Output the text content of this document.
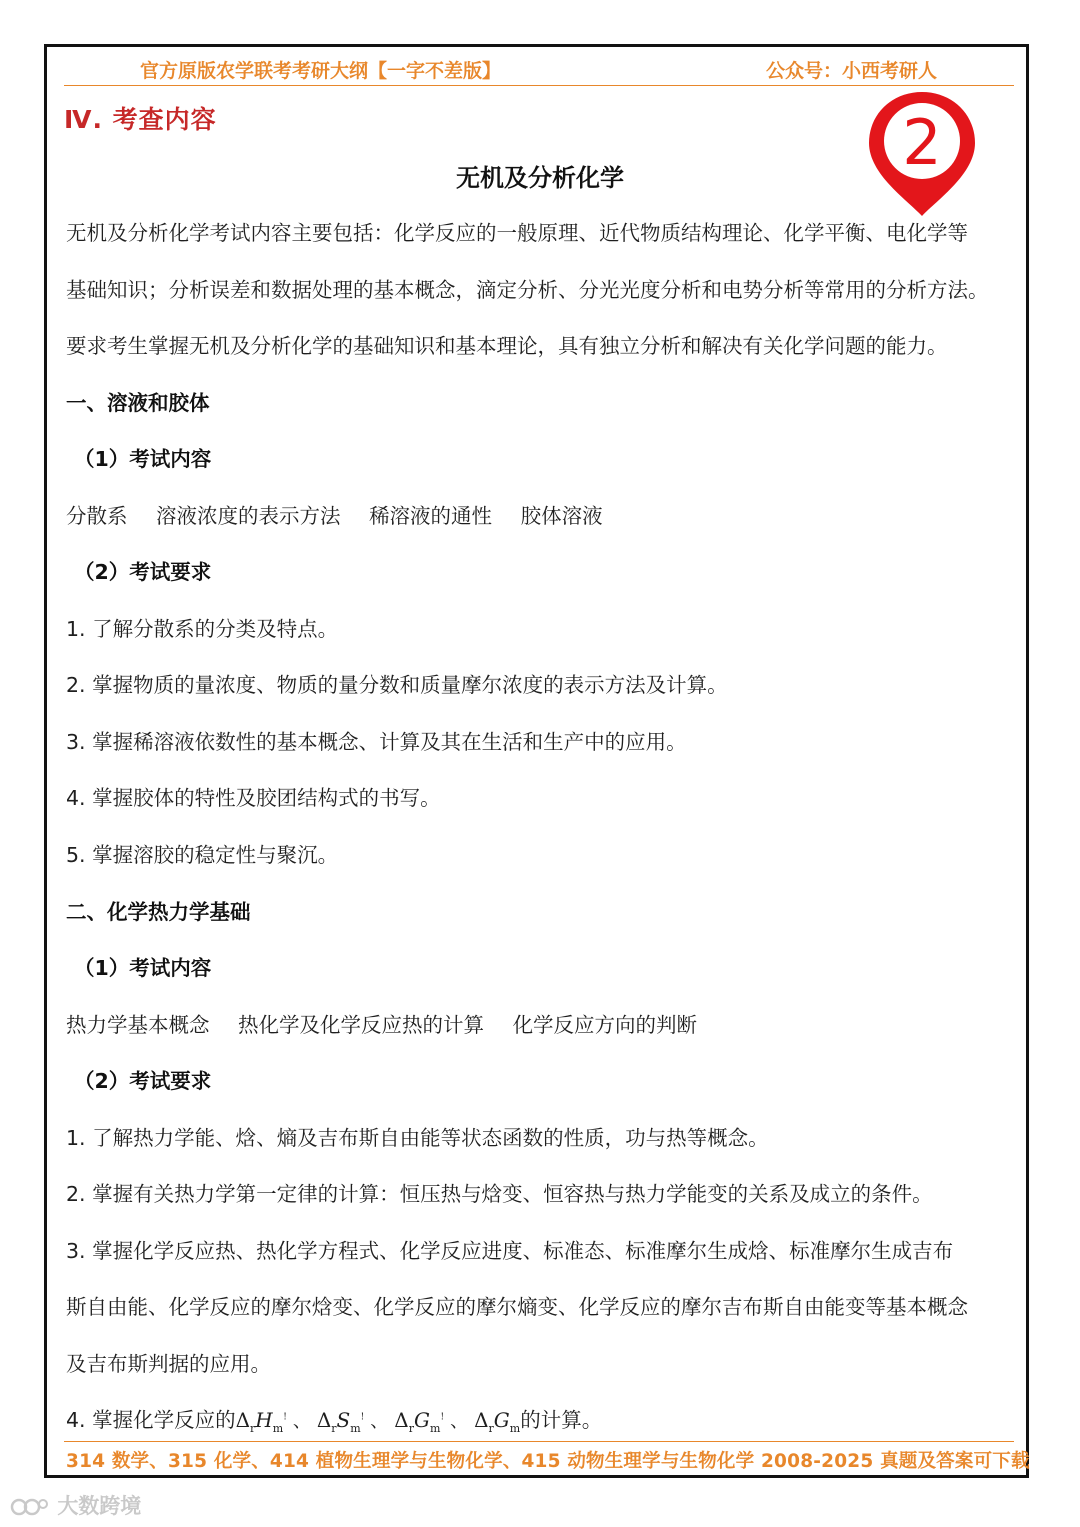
官方原版农学联考考研大纲【一字不差版】	公众号：小西考研人
Ⅳ. 考查内容	2
无机及分析化学
无机及分析化学考试内容主要包括：化学反应的一般原理、近代物质结构理论、化学平衡、电化学等
基础知识；分析误差和数据处理的基本概念，滴定分析、分光光度分析和电势分析等常用的分析方法。
要求考生掌握无机及分析化学的基础知识和基本理论，具有独立分析和解决有关化学问题的能力。
一、溶液和胶体
（1）考试内容
分散系 溶液浓度的表示方法 稀溶液的通性 胶体溶液
（2）考试要求
1. 了解分散系的分类及特点。
2. 掌握物质的量浓度、物质的量分数和质量摩尔浓度的表示方法及计算。
3. 掌握稀溶液依数性的基本概念、计算及其在生活和生产中的应用。
4. 掌握胶体的特性及胶团结构式的书写。
5. 掌握溶胶的稳定性与聚沉。
二、化学热力学基础
（1）考试内容
热力学基本概念 热化学及化学反应热的计算 化学反应方向的判断
（2）考试要求
1. 了解热力学能、焓、熵及吉布斯自由能等状态函数的性质，功与热等概念。
2. 掌握有关热力学第一定律的计算：恒压热与焓变、恒容热与热力学能变的关系及成立的条件。
3. 掌握化学反应热、热化学方程式、化学反应进度、标准态、标准摩尔生成焓、标准摩尔生成吉布
斯自由能、化学反应的摩尔焓变、化学反应的摩尔熵变、化学反应的摩尔吉布斯自由能变等基本概念
及吉布斯判据的应用。
4. 掌握化学反应的$\Delta_rH_m^!$ 、 $\Delta_rS_m^!$ 、 $\Delta_rG_m^!$ 、 $\Delta_rG_m$的计算。
314 数学、315 化学、414 植物生理学与生物化学、415 动物生理学与生物化学 2008-2025 真题及答案可下载
大数跨境
